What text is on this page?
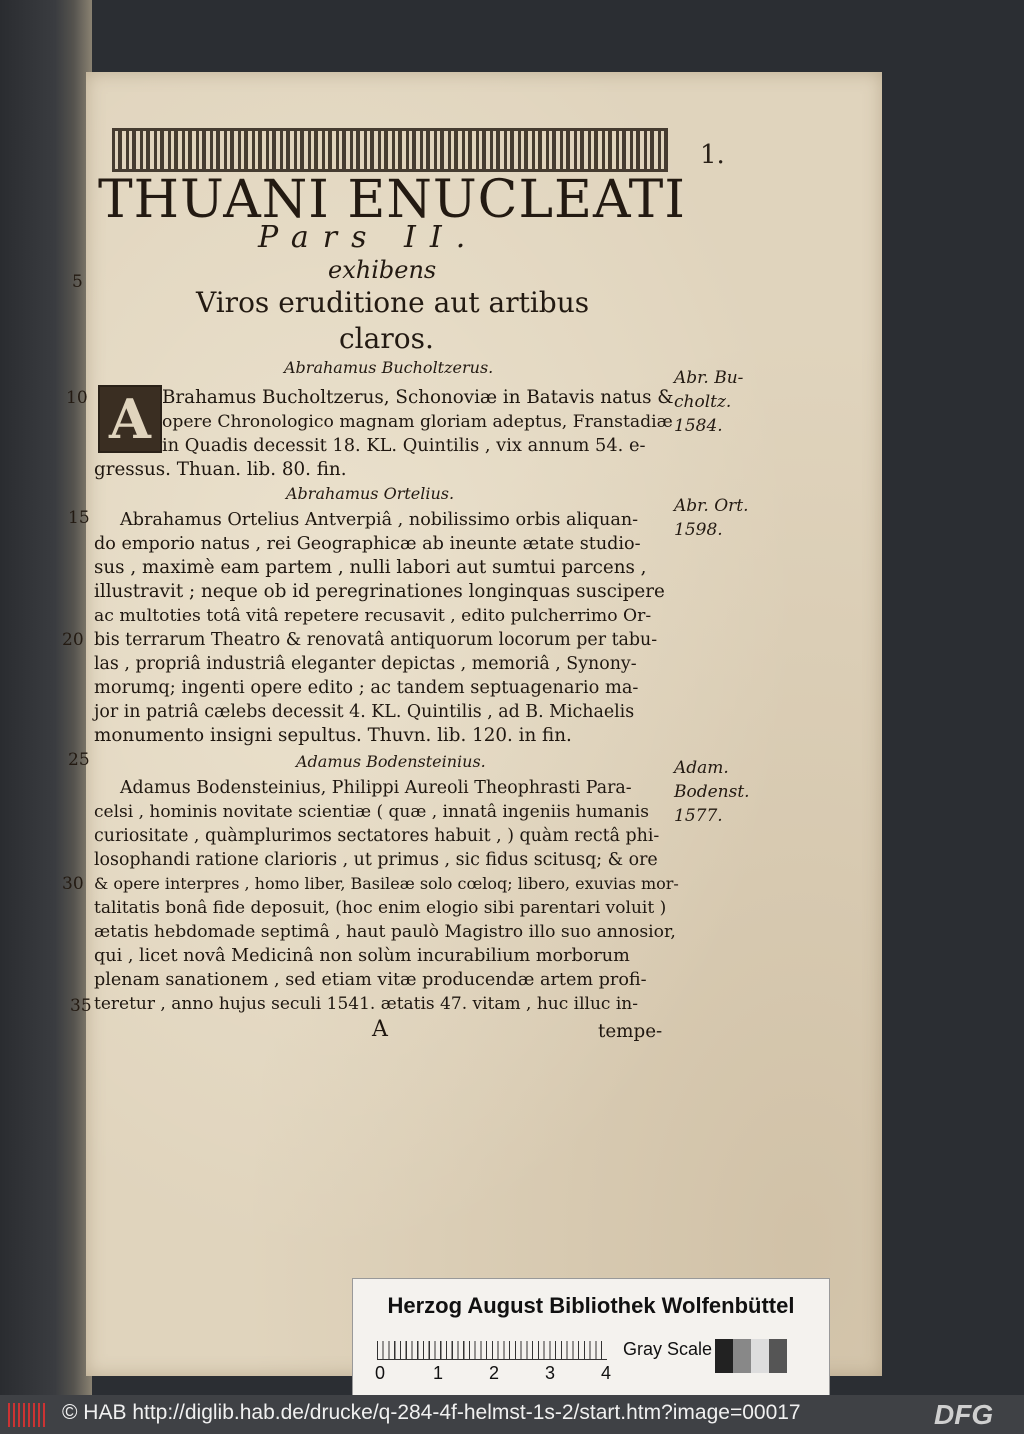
1.
THUANI ENUCLEATI
Pars II.
exhibens
Viros eruditione aut artibus
claros.
5
10
15
20
25
30
35
Abrahamus Bucholtzerus.
A
Abr. Bu-
choltz.
1584.
Brahamus Bucholtzerus, Schonoviæ in Batavis natus &
opere Chronologico magnam gloriam adeptus, Franstadiæ
in Quadis decessit 18. KL. Quintilis , vix annum 54. e-
gressus. Thuan. lib. 80. fin.
Abrahamus Ortelius.
Abr. Ort.
1598.
Abrahamus Ortelius Antverpiâ , nobilissimo orbis aliquan-
do emporio natus , rei Geographicæ ab ineunte ætate studio-
sus , maximè eam partem , nulli labori aut sumtui parcens ,
illustravit ; neque ob id peregrinationes longinquas suscipere
ac multoties totâ vitâ repetere recusavit , edito pulcherrimo Or-
bis terrarum Theatro & renovatâ antiquorum locorum per tabu-
las , propriâ industriâ eleganter depictas , memoriâ , Synony-
morumq; ingenti opere edito ; ac tandem septuagenario ma-
jor in patriâ cælebs decessit 4. KL. Quintilis , ad B. Michaelis
monumento insigni sepultus. Thuvn. lib. 120. in fin.
Adamus Bodensteinius.	Adam.
Bodenst.
1577.
Adamus Bodensteinius, Philippi Aureoli Theophrasti Para-
celsi , hominis novitate scientiæ ( quæ , innatâ ingeniis humanis
curiositate , quàmplurimos sectatores habuit , ) quàm rectâ phi-
losophandi ratione clarioris , ut primus , sic fidus scitusq; & ore
& opere interpres , homo liber, Basileæ solo cœloq; libero, exuvias mor-
talitatis bonâ fide deposuit, (hoc enim elogio sibi parentari voluit )
ætatis hebdomade septimâ , haut paulò Magistro illo suo annosior,
qui , licet novâ Medicinâ non solùm incurabilium morborum
plenam sanationem , sed etiam vitæ producendæ artem profi-
teretur , anno hujus seculi 1541. ætatis 47. vitam , huc illuc in-
A	tempe-
Herzog August Bibliothek Wolfenbüttel
0	1	2	3	4
Gray Scale
© HAB http://diglib.hab.de/drucke/q-284-4f-helmst-1s-2/start.htm?image=00017	DFG
